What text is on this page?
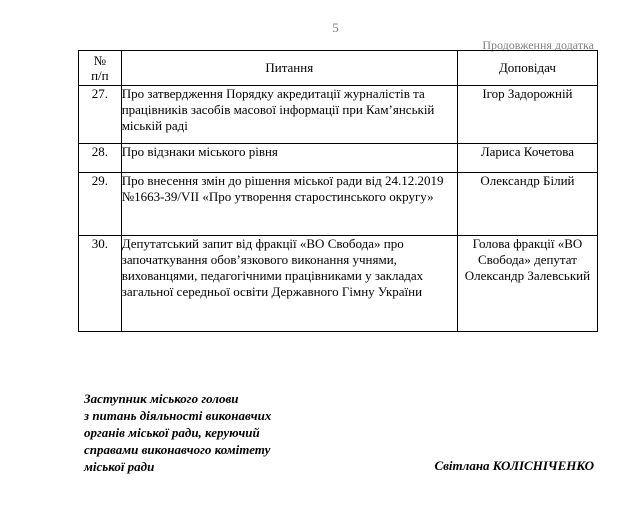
5
Продовження додатка
№
п/п	Питання	Доповідач
27.	Про затвердження Порядку акредитації журналістів та працівників засобів масової інформації при Кам’янській міській раді	Ігор Задорожній
28.	Про відзнаки міського рівня	Лариса Кочетова
29.	Про внесення змін до рішення міської ради від 24.12.2019 №1663-39/VII «Про утворення старостинського округу»	Олександр Білий
30.	Депутатський запит від фракції «ВО Свобода» про започаткування обов’язкового виконання учнями, вихованцями, педагогічними працівниками у закладах загальної середньої освіти Державного Гімну України	Голова фракції «ВО Свобода» депутат Олександр Залевський
Заступник міського голови
з питань діяльності виконавчих
органів міської ради, керуючий
справами виконавчого комітету
міської ради	Світлана КОЛІСНІЧЕНКО
